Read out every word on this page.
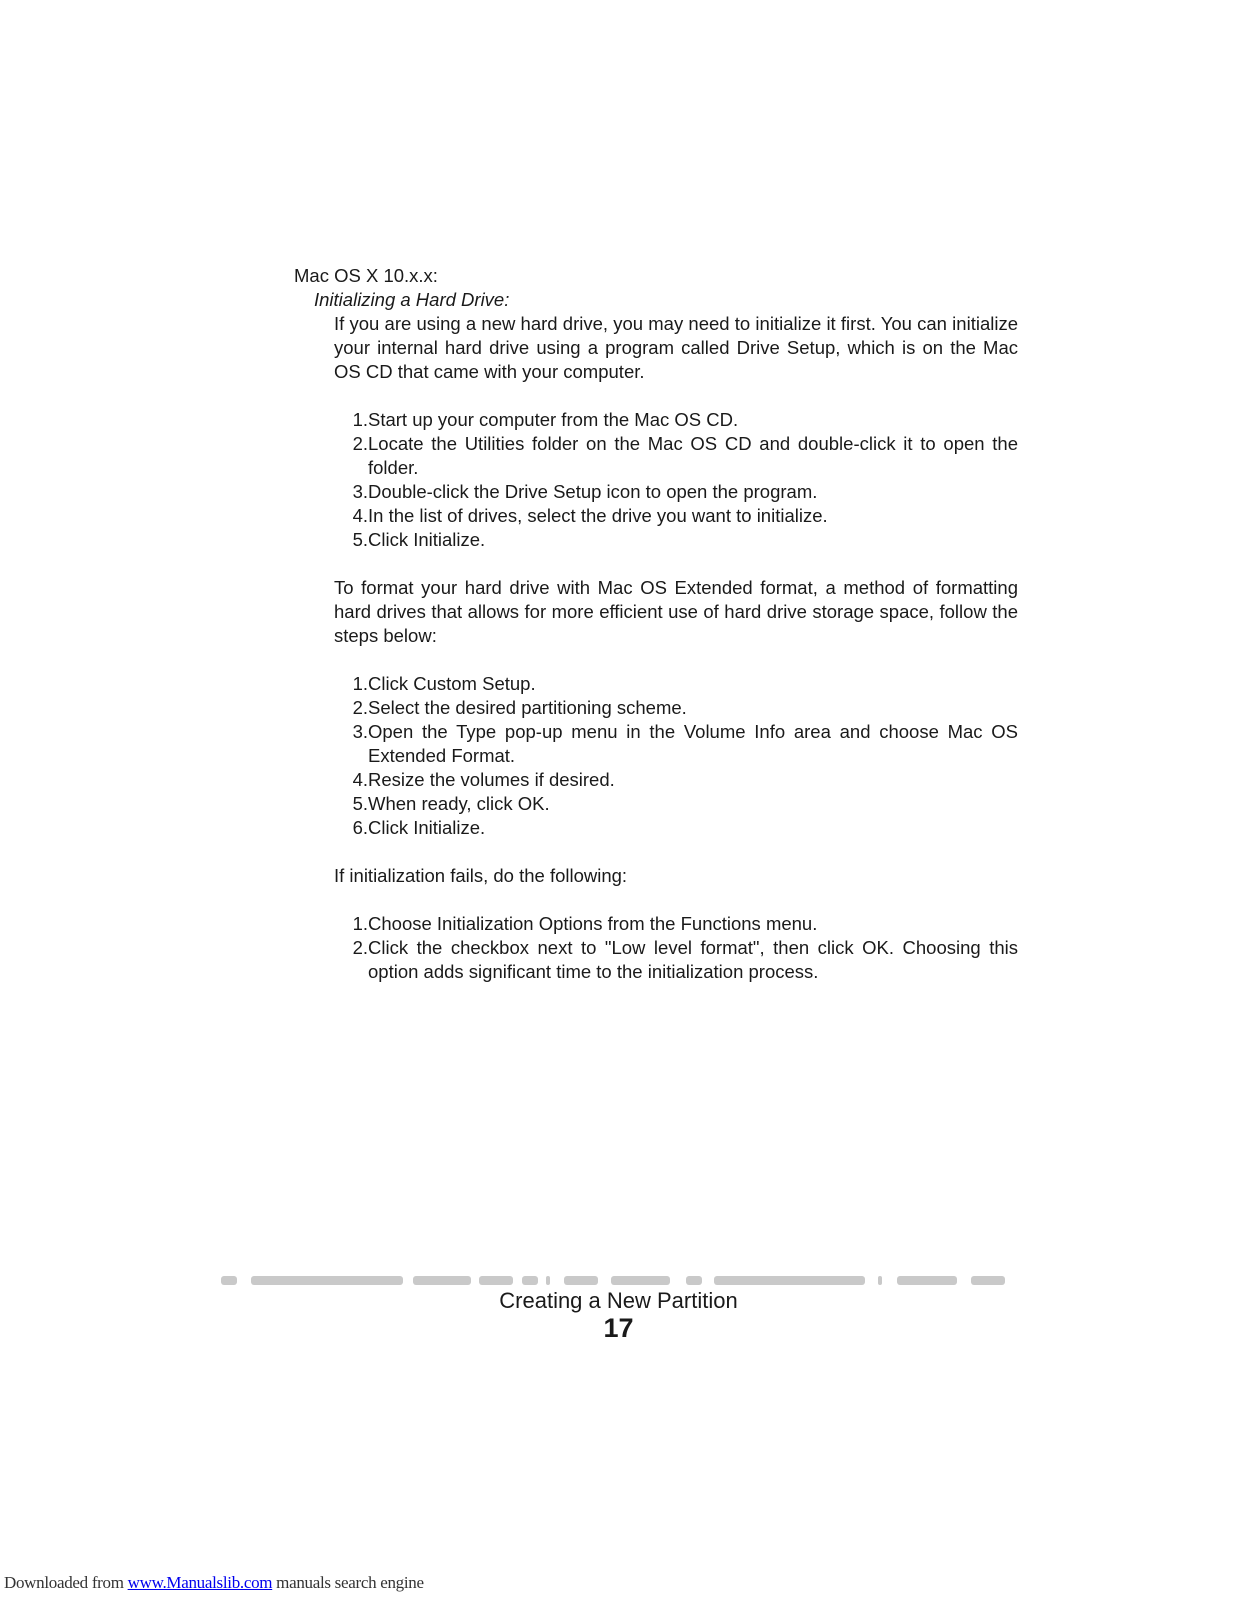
Mac OS X 10.x.x:

Initializing a Hard Drive:

If you are using a new hard drive, you may need to initialize it first. You can initialize your internal hard drive using a program called Drive Setup, which is on the Mac OS CD that came with your computer.

1. Start up your computer from the Mac OS CD.
2. Locate the Utilities folder on the Mac OS CD and double-click it to open the folder.
3. Double-click the Drive Setup icon to open the program.
4. In the list of drives, select the drive you want to initialize.
5. Click Initialize.

To format your hard drive with Mac OS Extended format, a method of formatting hard drives that allows for more efficient use of hard drive storage space, follow the steps below:

1. Click Custom Setup.
2. Select the desired partitioning scheme.
3. Open the Type pop-up menu in the Volume Info area and choose Mac OS Extended Format.
4. Resize the volumes if desired.
5. When ready, click OK.
6. Click Initialize.

If initialization fails, do the following:

1. Choose Initialization Options from the Functions menu.
2. Click the checkbox next to "Low level format", then click OK. Choosing this option adds significant time to the initialization process.
Creating a New Partition
17
Downloaded from www.Manualslib.com manuals search engine
